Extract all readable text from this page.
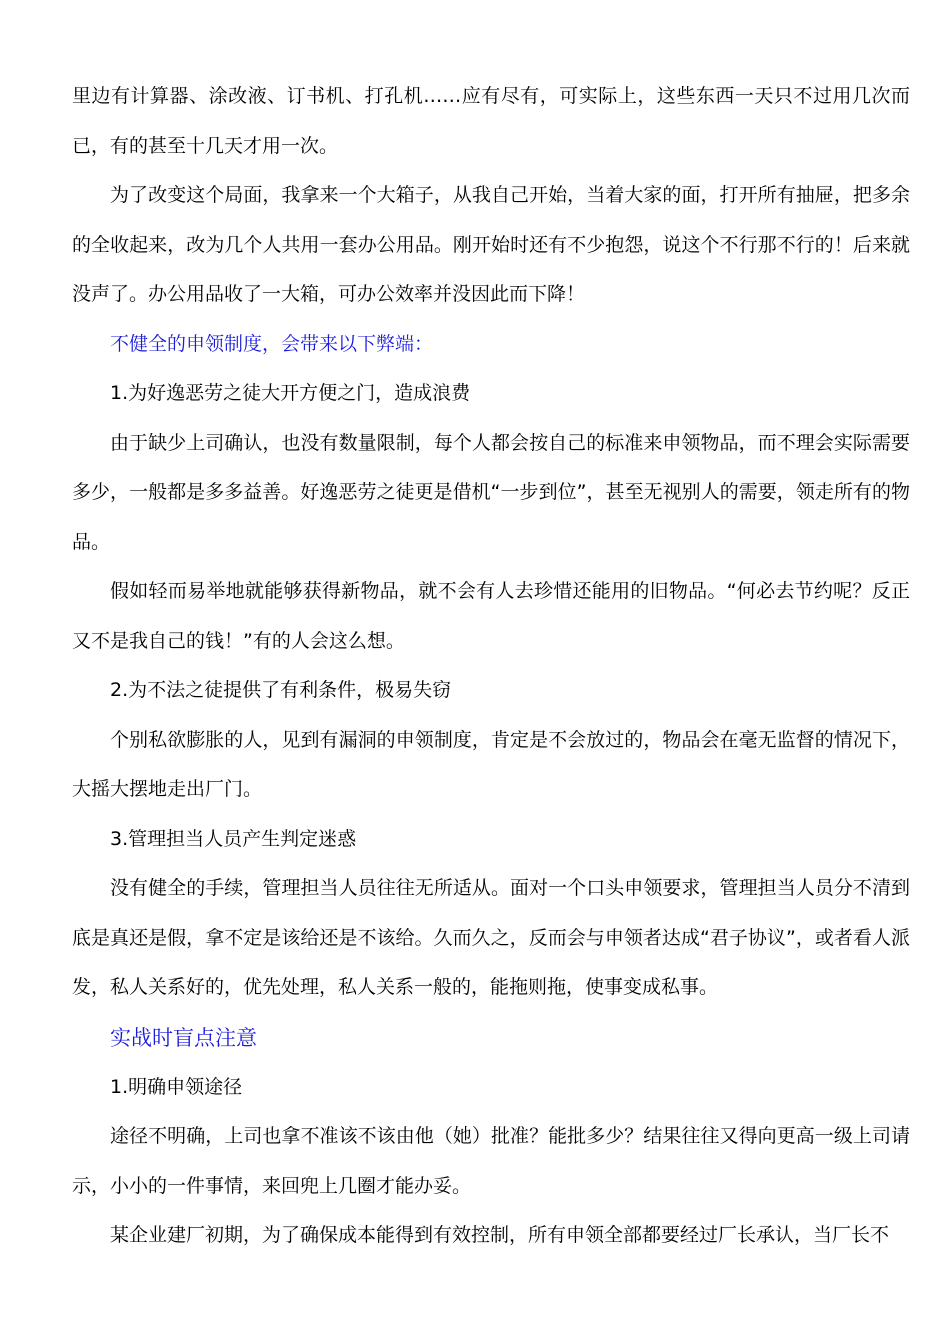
里边有计算器、涂改液、订书机、打孔机……应有尽有，可实际上，这些东西一天只不过用几次而已，有的甚至十几天才用一次。

为了改变这个局面，我拿来一个大箱子，从我自己开始，当着大家的面，打开所有抽屉，把多余的全收起来，改为几个人共用一套办公用品。刚开始时还有不少抱怨，说这个不行那不行的！后来就没声了。办公用品收了一大箱，可办公效率并没因此而下降！

不健全的申领制度，会带来以下弊端：

1.为好逸恶劳之徒大开方便之门，造成浪费

由于缺少上司确认，也没有数量限制，每个人都会按自己的标准来申领物品，而不理会实际需要多少，一般都是多多益善。好逸恶劳之徒更是借机“一步到位”，甚至无视别人的需要，领走所有的物品。

假如轻而易举地就能够获得新物品，就不会有人去珍惜还能用的旧物品。“何必去节约呢？反正又不是我自己的钱！”有的人会这么想。

2.为不法之徒提供了有利条件，极易失窃

个别私欲膨胀的人，见到有漏洞的申领制度，肯定是不会放过的，物品会在毫无监督的情况下，大摇大摆地走出厂门。

3.管理担当人员产生判定迷惑

没有健全的手续，管理担当人员往往无所适从。面对一个口头申领要求，管理担当人员分不清到底是真还是假，拿不定是该给还是不该给。久而久之，反而会与申领者达成“君子协议”，或者看人派发，私人关系好的，优先处理，私人关系一般的，能拖则拖，使事变成私事。

实战时盲点注意

1.明确申领途径

途径不明确，上司也拿不准该不该由他（她）批准？能批多少？结果往往又得向更高一级上司请示，小小的一件事情，来回兜上几圈才能办妥。

某企业建厂初期，为了确保成本能得到有效控制，所有申领全部都要经过厂长承认，当厂长不
